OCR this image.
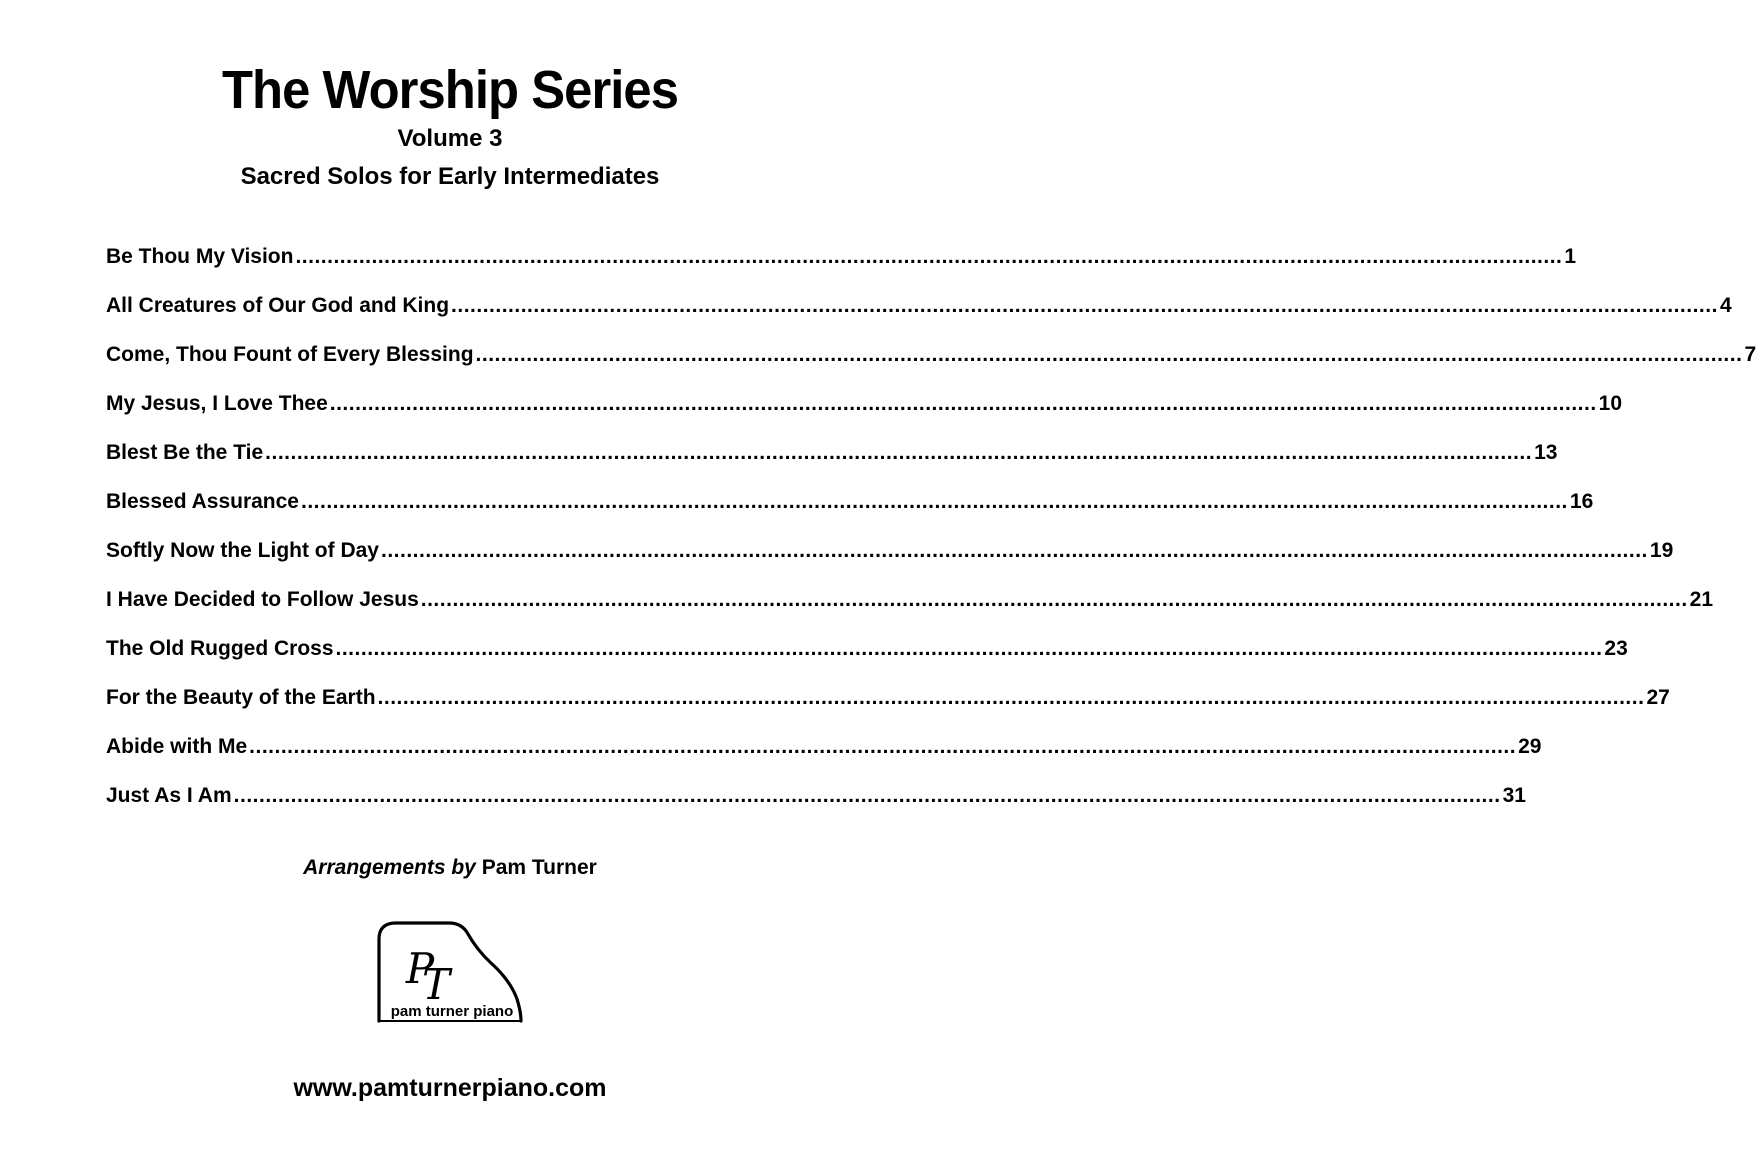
The Worship Series
Volume 3
Sacred Solos for Early Intermediates
Be Thou My Vision ........................................................................................................................................................................................................ 1
All Creatures of Our God and King ........................................................................................................................................................................................................ 4
Come, Thou Fount of Every Blessing ........................................................................................................................................................................................................ 7
My Jesus, I Love Thee ........................................................................................................................................................................................................ 10
Blest Be the Tie ........................................................................................................................................................................................................ 13
Blessed Assurance ........................................................................................................................................................................................................ 16
Softly Now the Light of Day ........................................................................................................................................................................................................ 19
I Have Decided to Follow Jesus ........................................................................................................................................................................................................ 21
The Old Rugged Cross ........................................................................................................................................................................................................ 23
For the Beauty of the Earth ........................................................................................................................................................................................................ 27
Abide with Me ........................................................................................................................................................................................................ 29
Just As I Am ........................................................................................................................................................................................................ 31
Arrangements by Pam Turner
P
T
pam turner piano
www.pamturnerpiano.com
